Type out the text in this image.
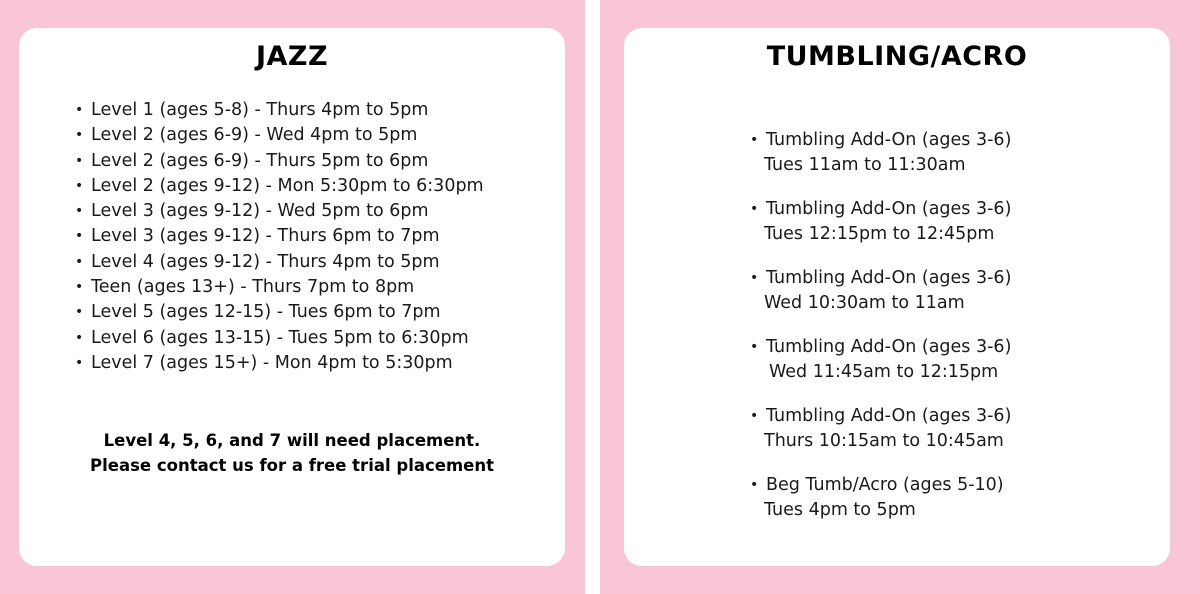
JAZZ
• Level 1 (ages 5-8) - Thurs 4pm to 5pm
• Level 2 (ages 6-9) - Wed 4pm to 5pm
• Level 2 (ages 6-9) - Thurs 5pm to 6pm
• Level 2 (ages 9-12) - Mon 5:30pm to 6:30pm
• Level 3 (ages 9-12) - Wed 5pm to 6pm
• Level 3 (ages 9-12) - Thurs 6pm to 7pm
• Level 4 (ages 9-12) - Thurs 4pm to 5pm
• Teen (ages 13+) - Thurs 7pm to 8pm
• Level 5 (ages 12-15) - Tues 6pm to 7pm
• Level 6 (ages 13-15) - Tues 5pm to 6:30pm
• Level 7 (ages 15+) - Mon 4pm to 5:30pm
Level 4, 5, 6, and 7 will need placement.
Please contact us for a free trial placement
TUMBLING/ACRO
• Tumbling Add-On (ages 3-6)
Tues 11am to 11:30am
• Tumbling Add-On (ages 3-6)
Tues 12:15pm to 12:45pm
• Tumbling Add-On (ages 3-6)
Wed 10:30am to 11am
• Tumbling Add-On (ages 3-6)
Wed 11:45am to 12:15pm
• Tumbling Add-On (ages 3-6)
Thurs 10:15am to 10:45am
• Beg Tumb/Acro (ages 5-10)
Tues 4pm to 5pm
